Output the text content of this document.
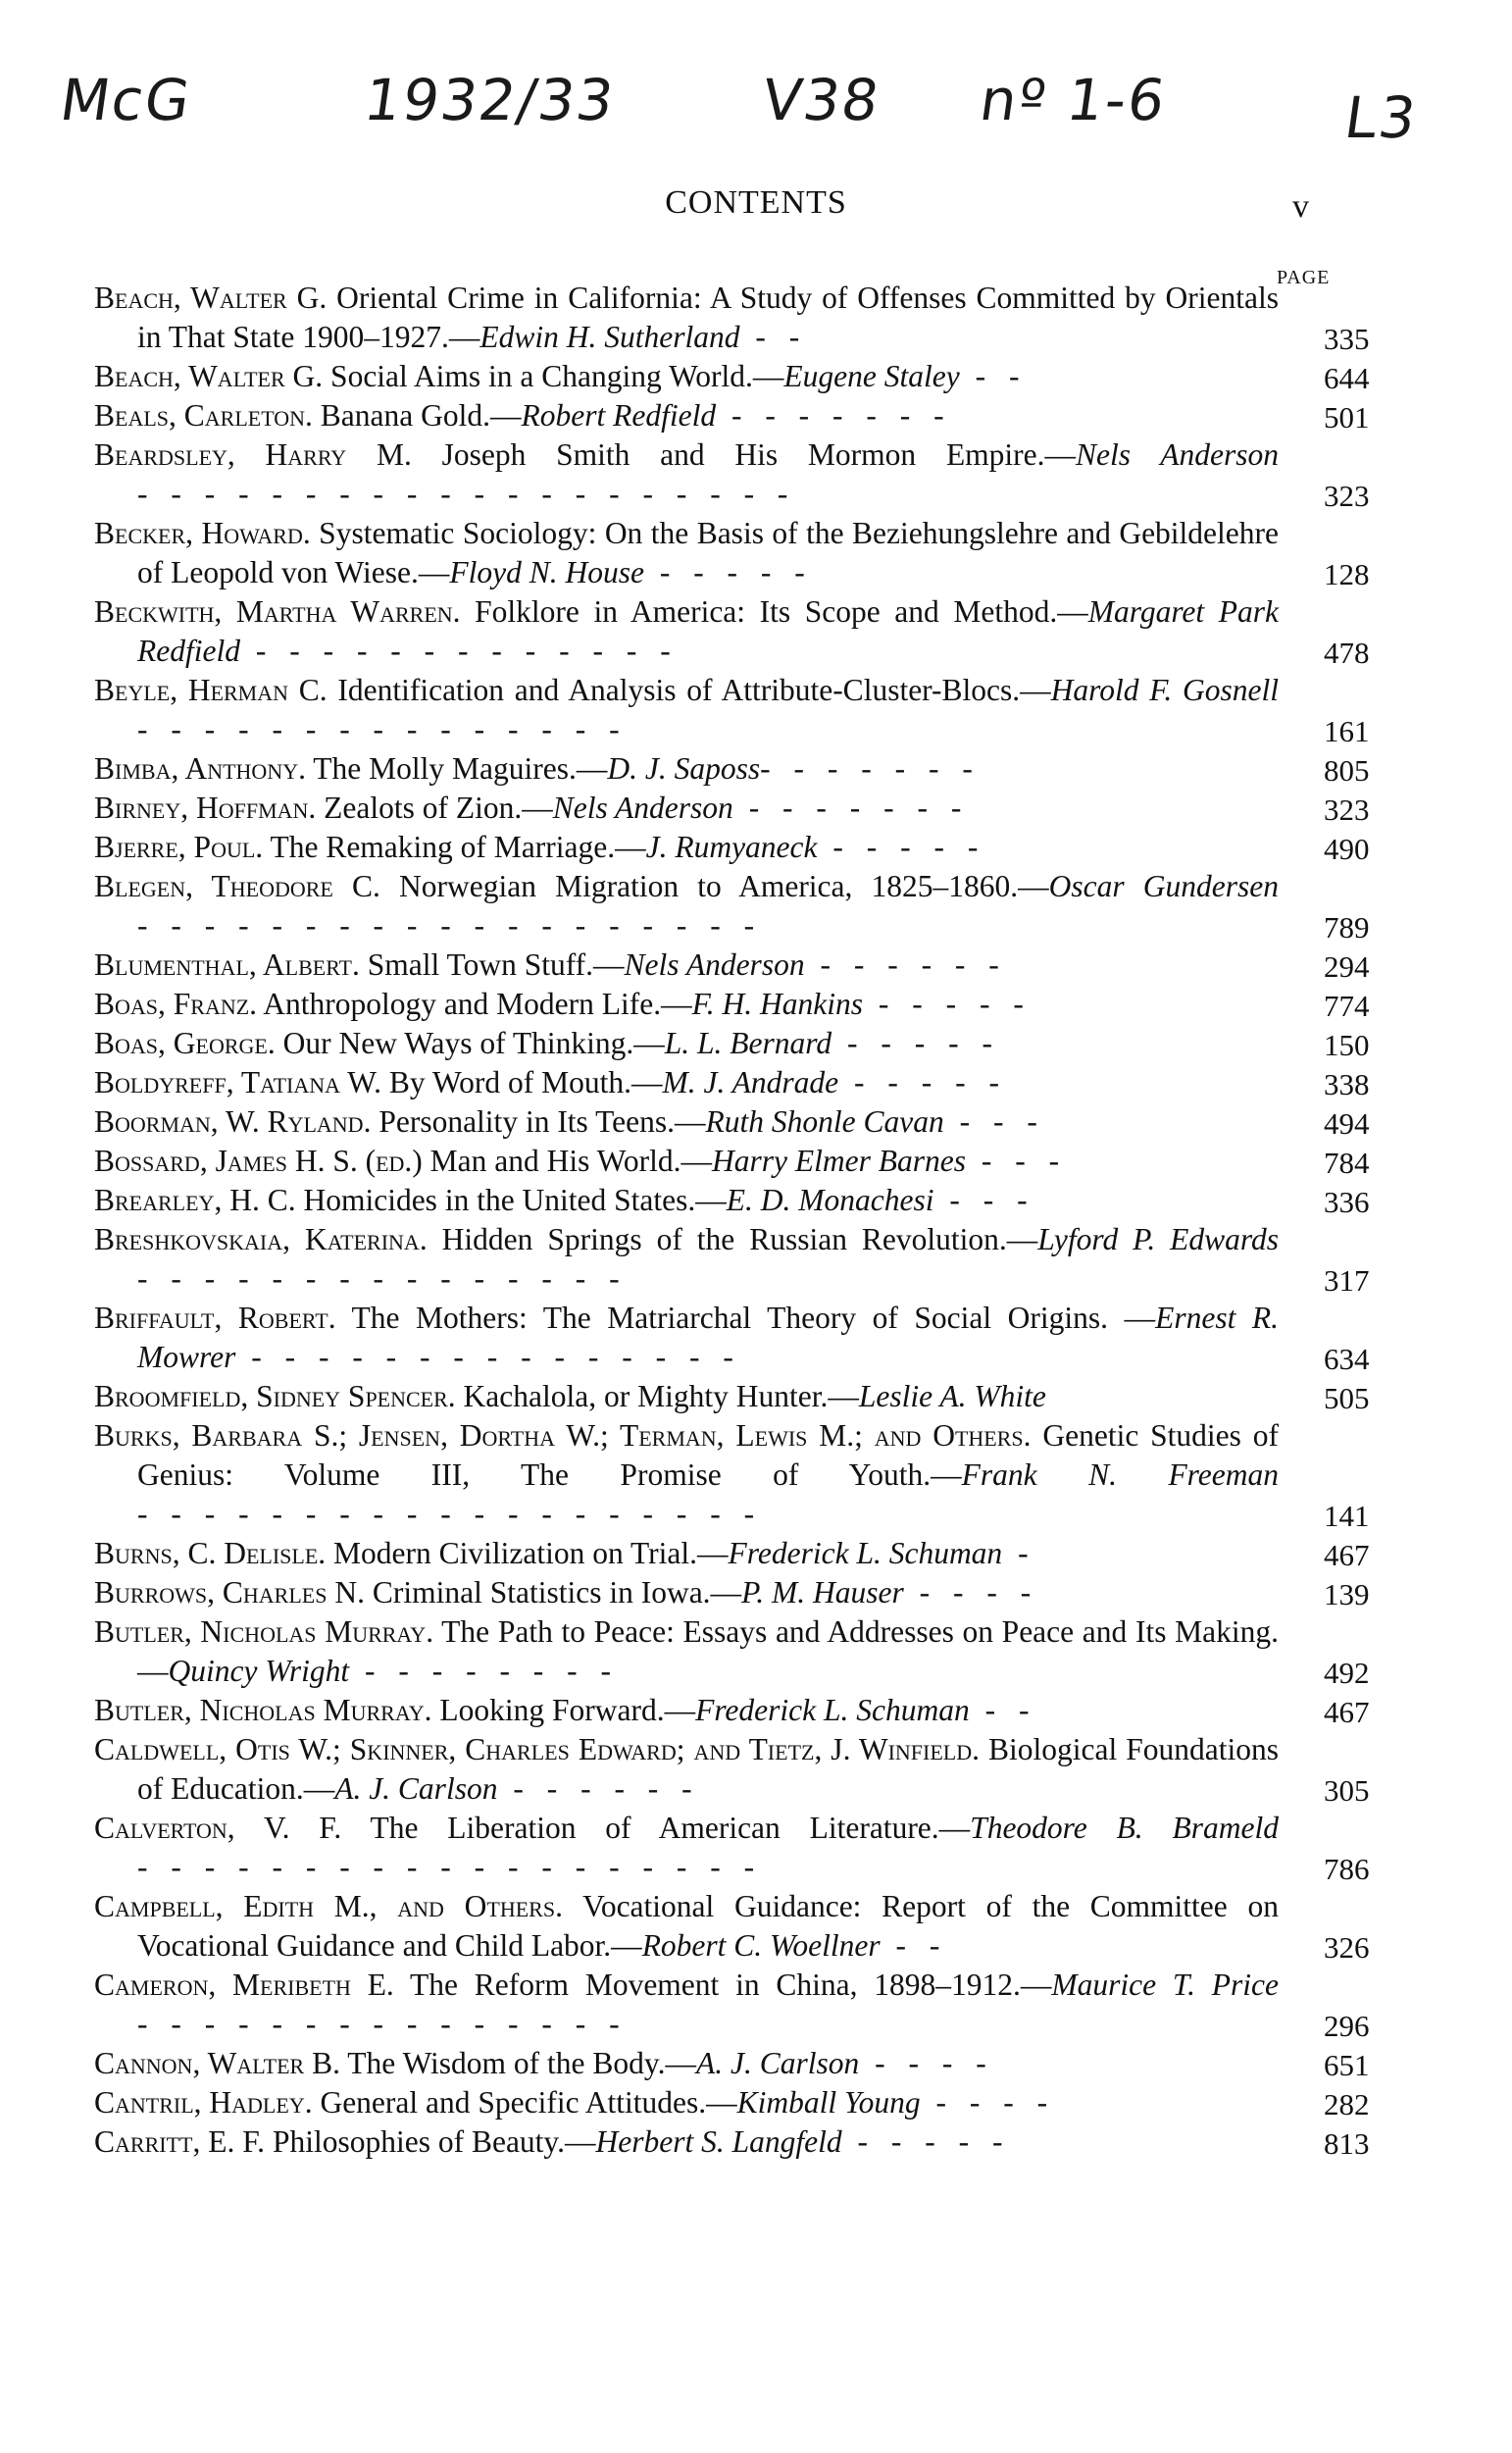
McG	1932/33 V38 nº 1-6	L3
CONTENTS	v
PAGE
Beach, Walter G. Oriental Crime in California: A Study of Offenses Committed by Orientals in That State 1900–1927.—Edwin H. Sutherland - -	335
Beach, Walter G. Social Aims in a Changing World.—Eugene Staley - -	644
Beals, Carleton. Banana Gold.—Robert Redfield - - - - - - -	501
Beardsley, Harry M. Joseph Smith and His Mormon Empire.—Nels Anderson - - - - - - - - - - - - - - - - - - - -	323
Becker, Howard. Systematic Sociology: On the Basis of the Beziehungslehre and Gebildelehre of Leopold von Wiese.—Floyd N. House - - - - -	128
Beckwith, Martha Warren. Folklore in America: Its Scope and Method.—Margaret Park Redfield - - - - - - - - - - - - -	478
Beyle, Herman C. Identification and Analysis of Attribute-Cluster-Blocs.—Harold F. Gosnell - - - - - - - - - - - - - - -	161
Bimba, Anthony. The Molly Maguires.—D. J. Saposs- - - - - - -	805
Birney, Hoffman. Zealots of Zion.—Nels Anderson - - - - - - -	323
Bjerre, Poul. The Remaking of Marriage.—J. Rumyaneck - - - - -	490
Blegen, Theodore C. Norwegian Migration to America, 1825–1860.—Oscar Gundersen - - - - - - - - - - - - - - - - - - -	789
Blumenthal, Albert. Small Town Stuff.—Nels Anderson - - - - - -	294
Boas, Franz. Anthropology and Modern Life.—F. H. Hankins - - - - -	774
Boas, George. Our New Ways of Thinking.—L. L. Bernard - - - - -	150
Boldyreff, Tatiana W. By Word of Mouth.—M. J. Andrade - - - - -	338
Boorman, W. Ryland. Personality in Its Teens.—Ruth Shonle Cavan - - -	494
Bossard, James H. S. (ed.) Man and His World.—Harry Elmer Barnes - - -	784
Brearley, H. C. Homicides in the United States.—E. D. Monachesi - - -	336
Breshkovskaia, Katerina. Hidden Springs of the Russian Revolution.—Lyford P. Edwards - - - - - - - - - - - - - - -	317
Briffault, Robert. The Mothers: The Matriarchal Theory of Social Origins. —Ernest R. Mowrer - - - - - - - - - - - - - - -	634
Broomfield, Sidney Spencer. Kachalola, or Mighty Hunter.—Leslie A. White	505
Burks, Barbara S.; Jensen, Dortha W.; Terman, Lewis M.; and Others. Genetic Studies of Genius: Volume III, The Promise of Youth.—Frank N. Freeman - - - - - - - - - - - - - - - - - - -	141
Burns, C. Delisle. Modern Civilization on Trial.—Frederick L. Schuman -	467
Burrows, Charles N. Criminal Statistics in Iowa.—P. M. Hauser - - - -	139
Butler, Nicholas Murray. The Path to Peace: Essays and Addresses on Peace and Its Making.—Quincy Wright - - - - - - - -	492
Butler, Nicholas Murray. Looking Forward.—Frederick L. Schuman - -	467
Caldwell, Otis W.; Skinner, Charles Edward; and Tietz, J. Winfield. Biological Foundations of Education.—A. J. Carlson - - - - - -	305
Calverton, V. F. The Liberation of American Literature.—Theodore B. Brameld - - - - - - - - - - - - - - - - - - -	786
Campbell, Edith M., and Others. Vocational Guidance: Report of the Committee on Vocational Guidance and Child Labor.—Robert C. Woellner - -	326
Cameron, Meribeth E. The Reform Movement in China, 1898–1912.—Maurice T. Price - - - - - - - - - - - - - - -	296
Cannon, Walter B. The Wisdom of the Body.—A. J. Carlson - - - -	651
Cantril, Hadley. General and Specific Attitudes.—Kimball Young - - - -	282
Carritt, E. F. Philosophies of Beauty.—Herbert S. Langfeld - - - - -	813
